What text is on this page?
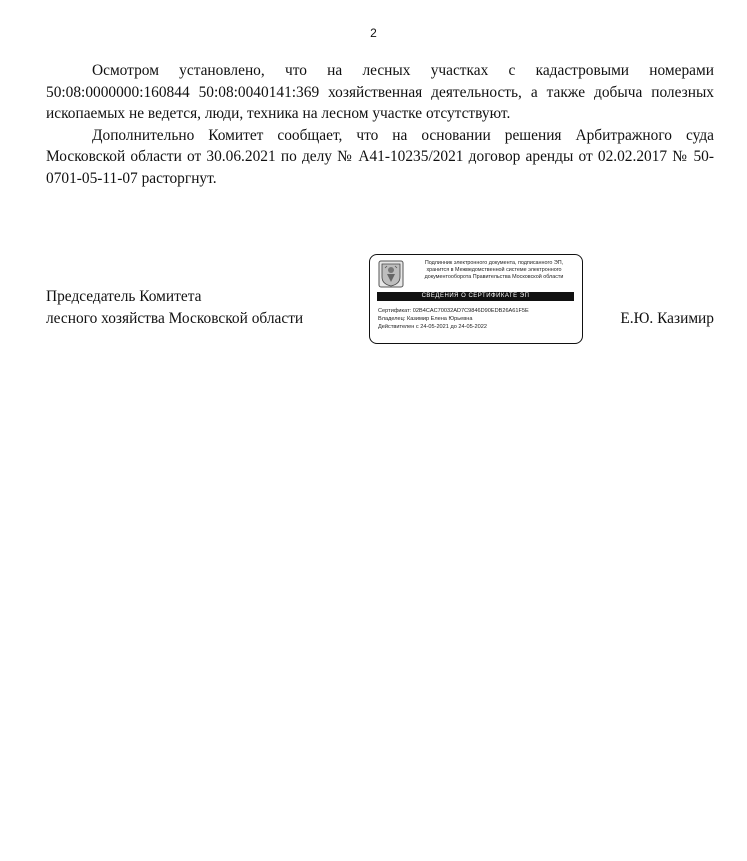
2

Осмотром установлено, что на лесных участках с кадастровыми номерами 50:08:0000000:160844 50:08:0040141:369 хозяйственная деятельность, а также добыча полезных ископаемых не ведется, люди, техника на лесном участке отсутствуют.

Дополнительно Комитет сообщает, что на основании решения Арбитражного суда Московской области от 30.06.2021 по делу № А41-10235/2021 договор аренды от 02.02.2017 № 50-0701-05-11-07 расторгнут.

Председатель Комитета
лесного хозяйства Московской области
Подлинник электронного документа, подписанного ЭП,
хранится в Межведомственной системе электронного
документооборота Правительства Московской области
СВЕДЕНИЯ О СЕРТИФИКАТЕ ЭП
Сертификат: 02B4CAC70032AD7C9846D90EDB26A61F5E
Владелец: Казимир Елена Юрьевна
Действителен с 24-05-2021 до 24-05-2022	Е.Ю. Казимир
